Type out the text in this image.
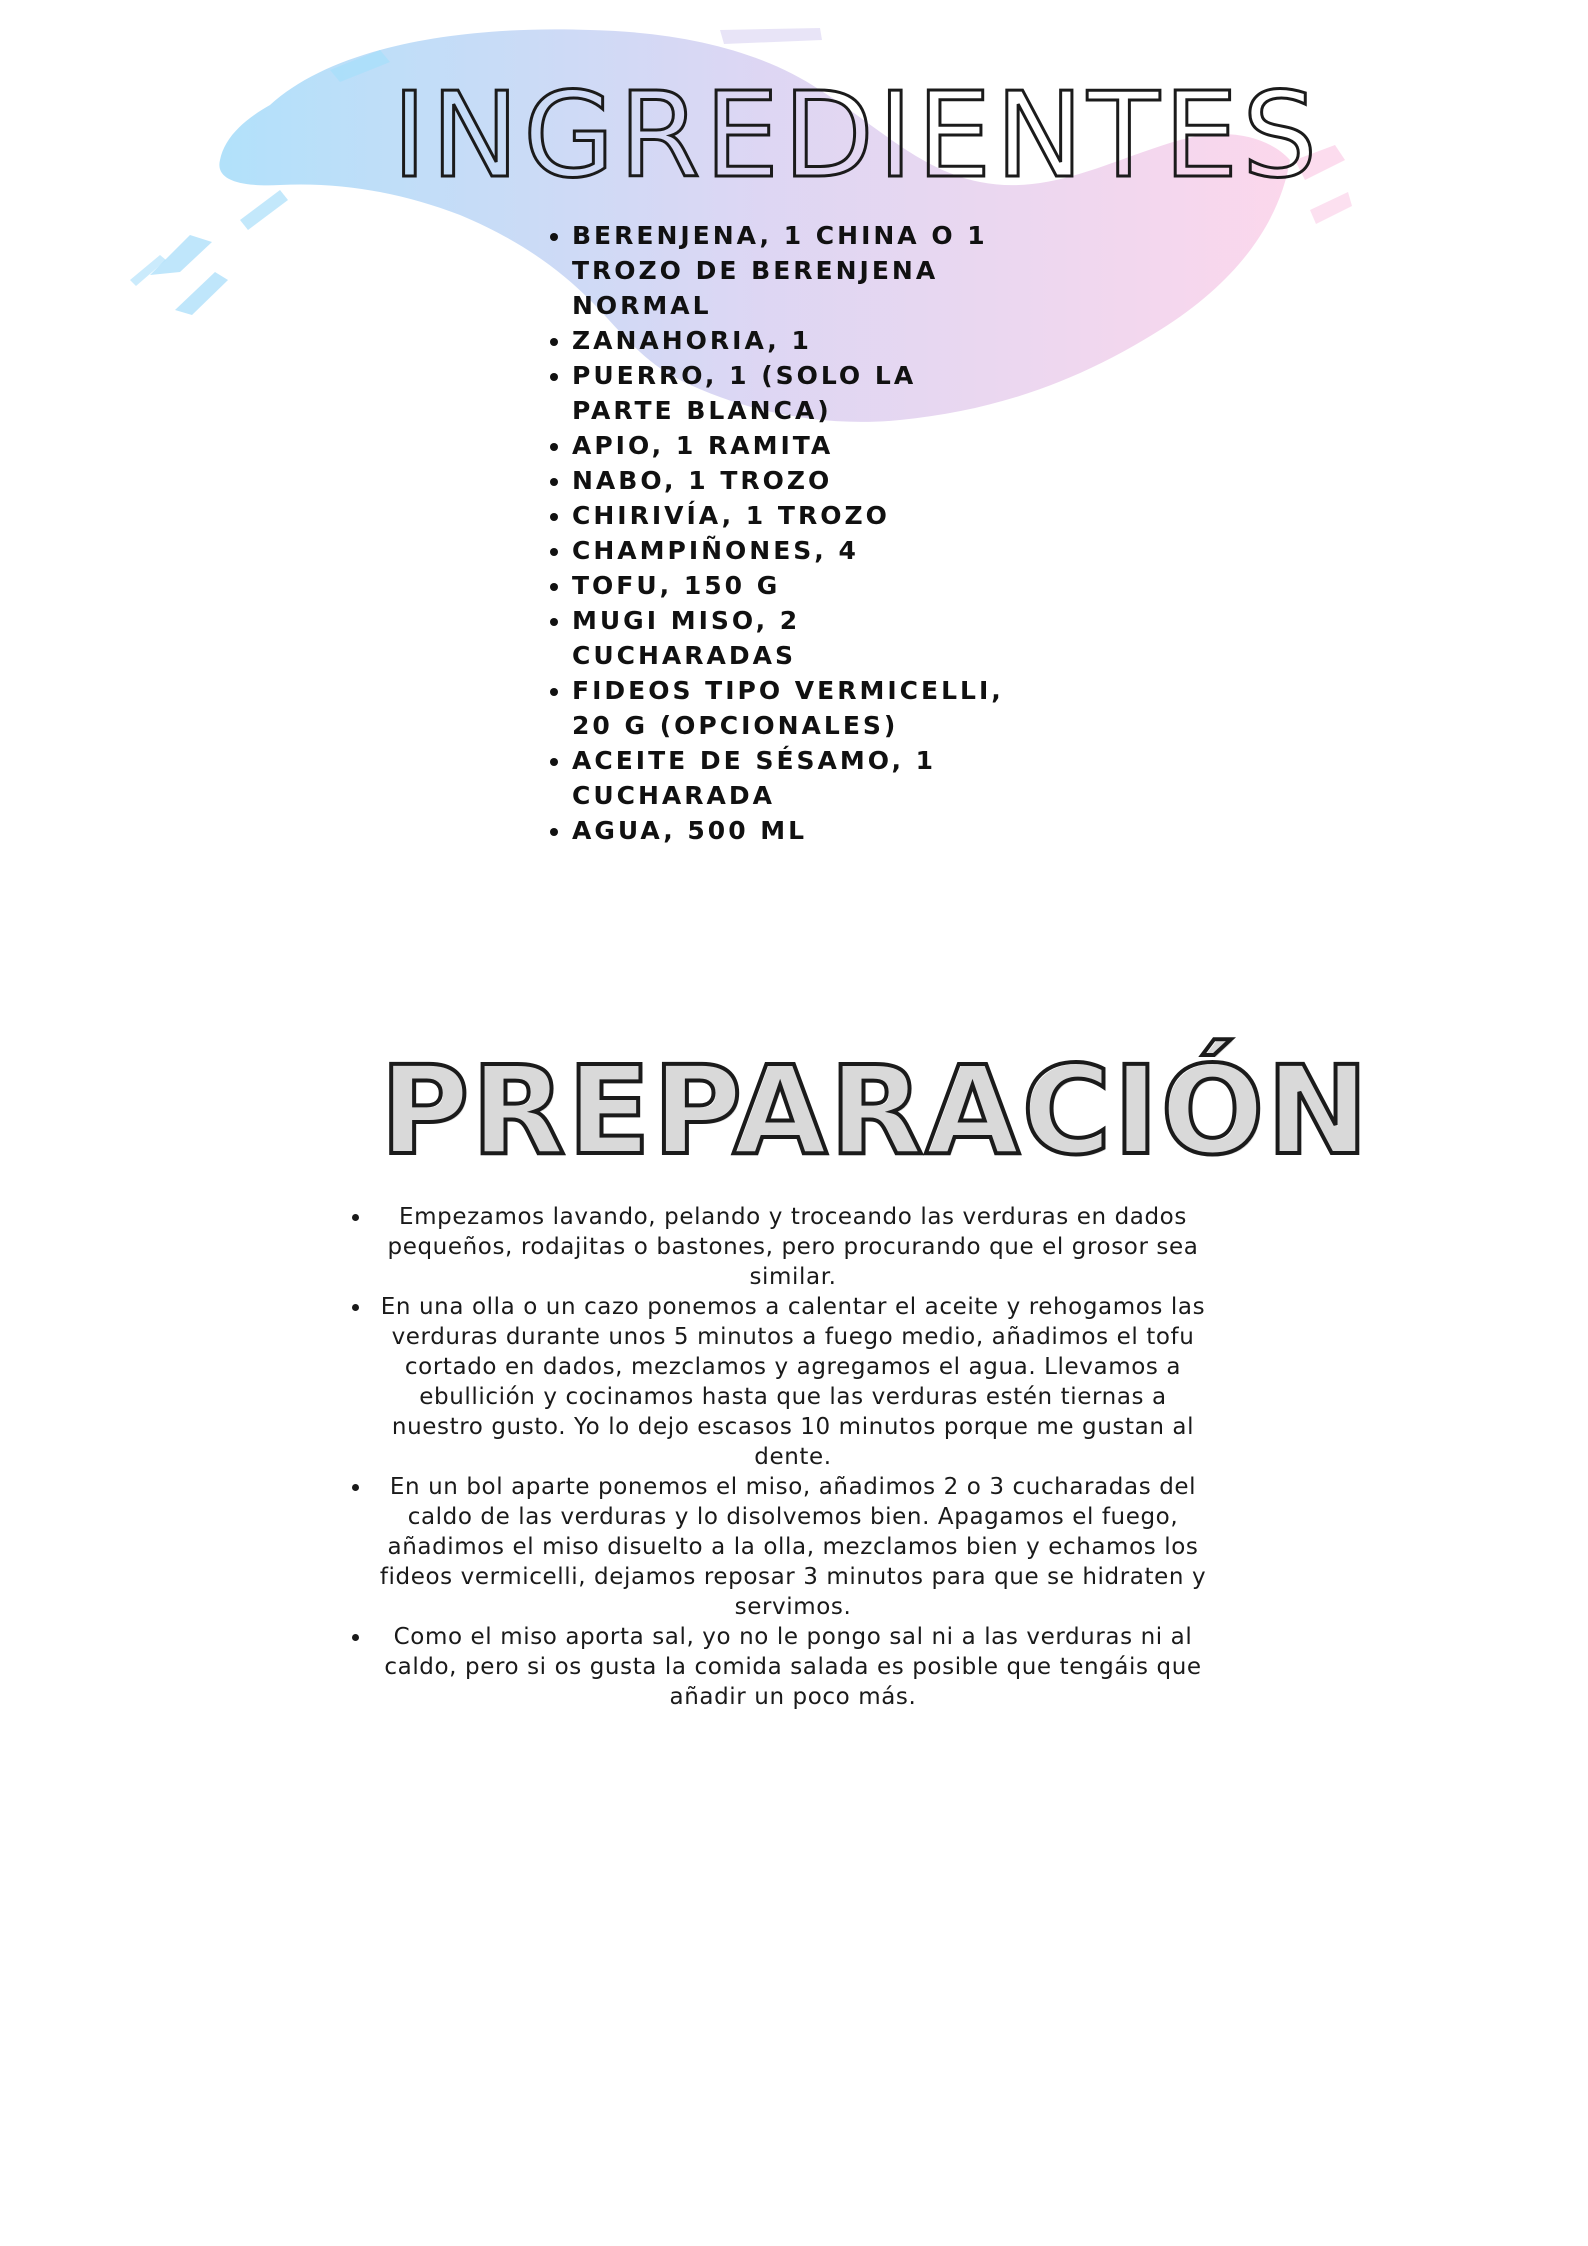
INGREDIENTES
• BERENJENA, 1 CHINA O 1 TROZO DE BERENJENA NORMAL
• ZANAHORIA, 1
• PUERRO, 1 (SOLO LA PARTE BLANCA)
• APIO, 1 RAMITA
• NABO, 1 TROZO
• CHIRIVÍA, 1 TROZO
• CHAMPIÑONES, 4
• TOFU, 150 G
• MUGI MISO, 2 CUCHARADAS
• FIDEOS TIPO VERMICELLI, 20 G (OPCIONALES)
• ACEITE DE SÉSAMO, 1 CUCHARADA
• AGUA, 500 ML
PREPARACIÓN
• Empezamos lavando, pelando y troceando las verduras en dados pequeños, rodajitas o bastones, pero procurando que el grosor sea similar.
• En una olla o un cazo ponemos a calentar el aceite y rehogamos las verduras durante unos 5 minutos a fuego medio, añadimos el tofu cortado en dados, mezclamos y agregamos el agua. Llevamos a ebullición y cocinamos hasta que las verduras estén tiernas a nuestro gusto. Yo lo dejo escasos 10 minutos porque me gustan al dente.
• En un bol aparte ponemos el miso, añadimos 2 o 3 cucharadas del caldo de las verduras y lo disolvemos bien. Apagamos el fuego, añadimos el miso disuelto a la olla, mezclamos bien y echamos los fideos vermicelli, dejamos reposar 3 minutos para que se hidraten y servimos.
• Como el miso aporta sal, yo no le pongo sal ni a las verduras ni al caldo, pero si os gusta la comida salada es posible que tengáis que añadir un poco más.
